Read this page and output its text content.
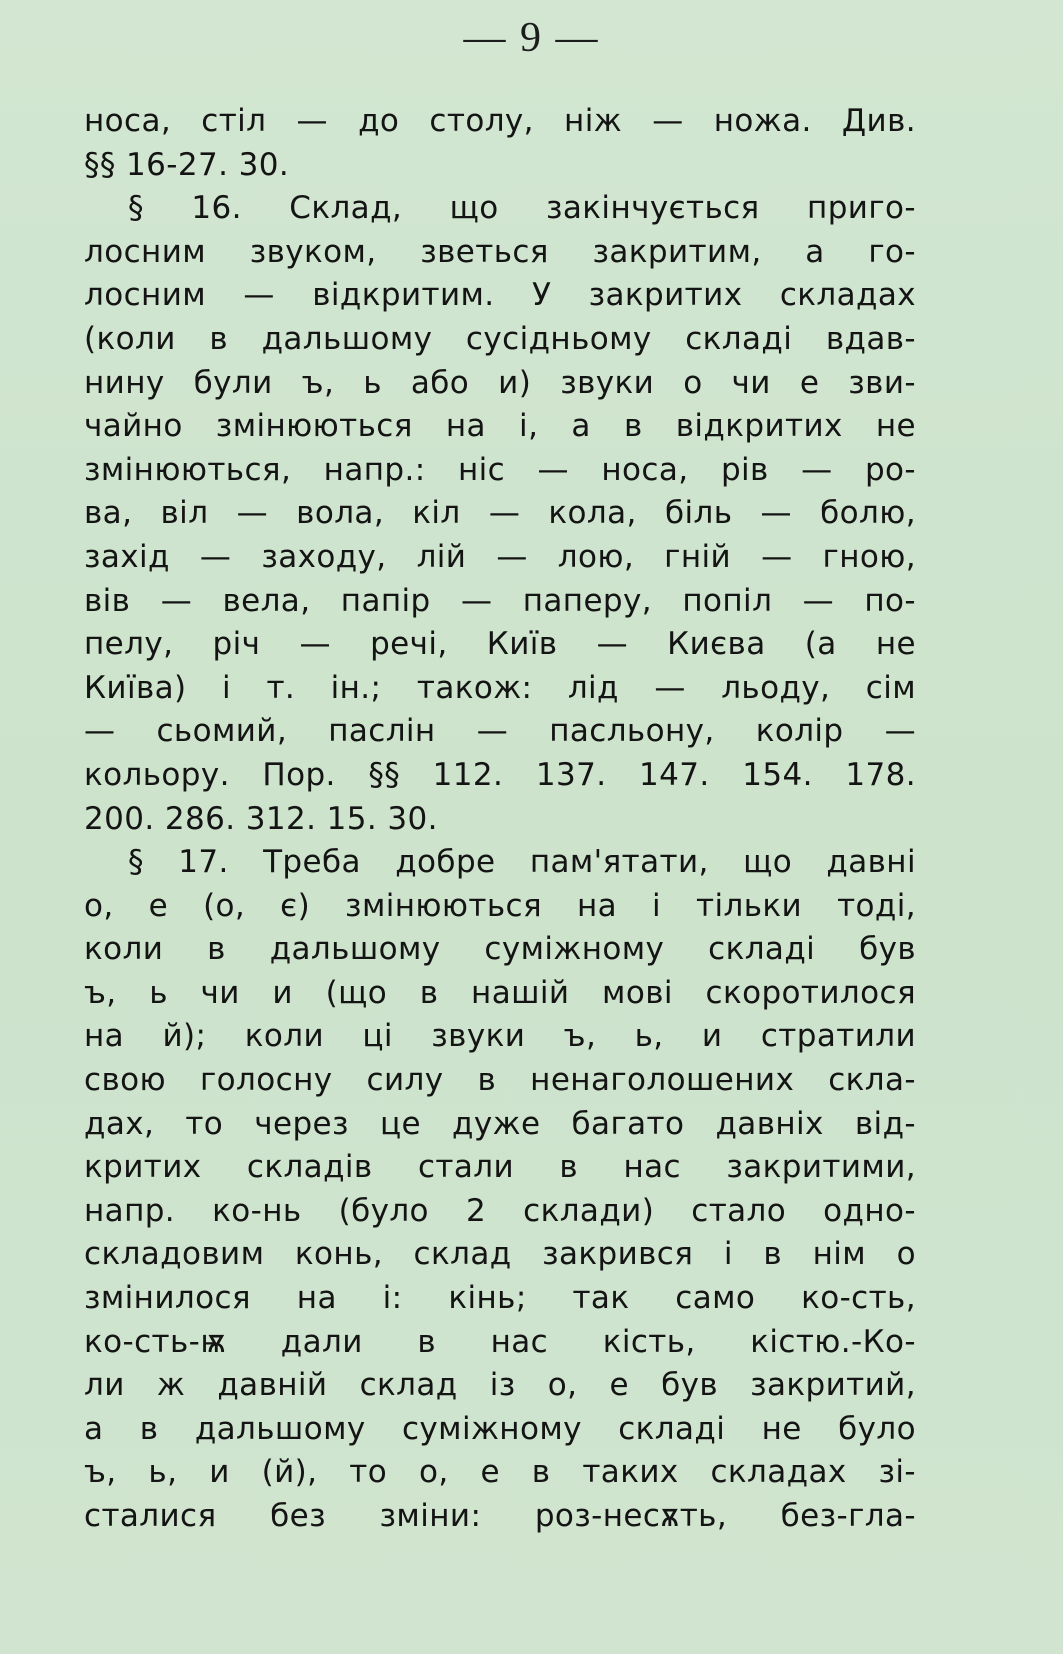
— 9 —
носа, стіл — до столу, ніж — ножа. Див.
§§ 16-27. 30.
§ 16. Склад, що закінчується приго-
лосним звуком, зветься закритим, а го-
лосним — відкритим. У закритих складах
(коли в дальшому сусідньому складі вдав-
нину були ъ, ь або и) звуки о чи е зви-
чайно змінюються на і, а в відкритих не
змінюються, напр.: ніс — носа, рів — ро-
ва, віл — вола, кіл — кола, біль — болю,
захід — заходу, лій — лою, гній — гною,
вів — вела, папір — паперу, попіл — по-
пелу, річ — речі, Київ — Києва (а не
Київа) і т. ін.; також: лід — льоду, сім
— сьомий, паслін — пасльону, колір —
кольору. Пор. §§ 112. 137. 147. 154. 178.
200. 286. 312. 15. 30.
§ 17. Треба добре пам'ятати, що давні
о, е (о, є) змінюються на і тільки тоді,
коли в дальшому суміжному складі був
ъ, ь чи и (що в нашій мові скоротилося
на й); коли ці звуки ъ, ь, и стратили
свою голосну силу в ненаголошених скла-
дах, то через це дуже багато давніх від-
критих складів стали в нас закритими,
напр. ко-нь (було 2 склади) стало одно-
складовим конь, склад закрився і в нім о
змінилося на і: кінь; так само ко-сть,
ко-сть-ѭ дали в нас кість, кістю.-Ко-
ли ж давній склад із о, е був закритий,
а в дальшому суміжному складі не було
ъ, ь, и (й), то о, е в таких складах зі-
сталися без зміни: роз-несѫть, без-гла-
